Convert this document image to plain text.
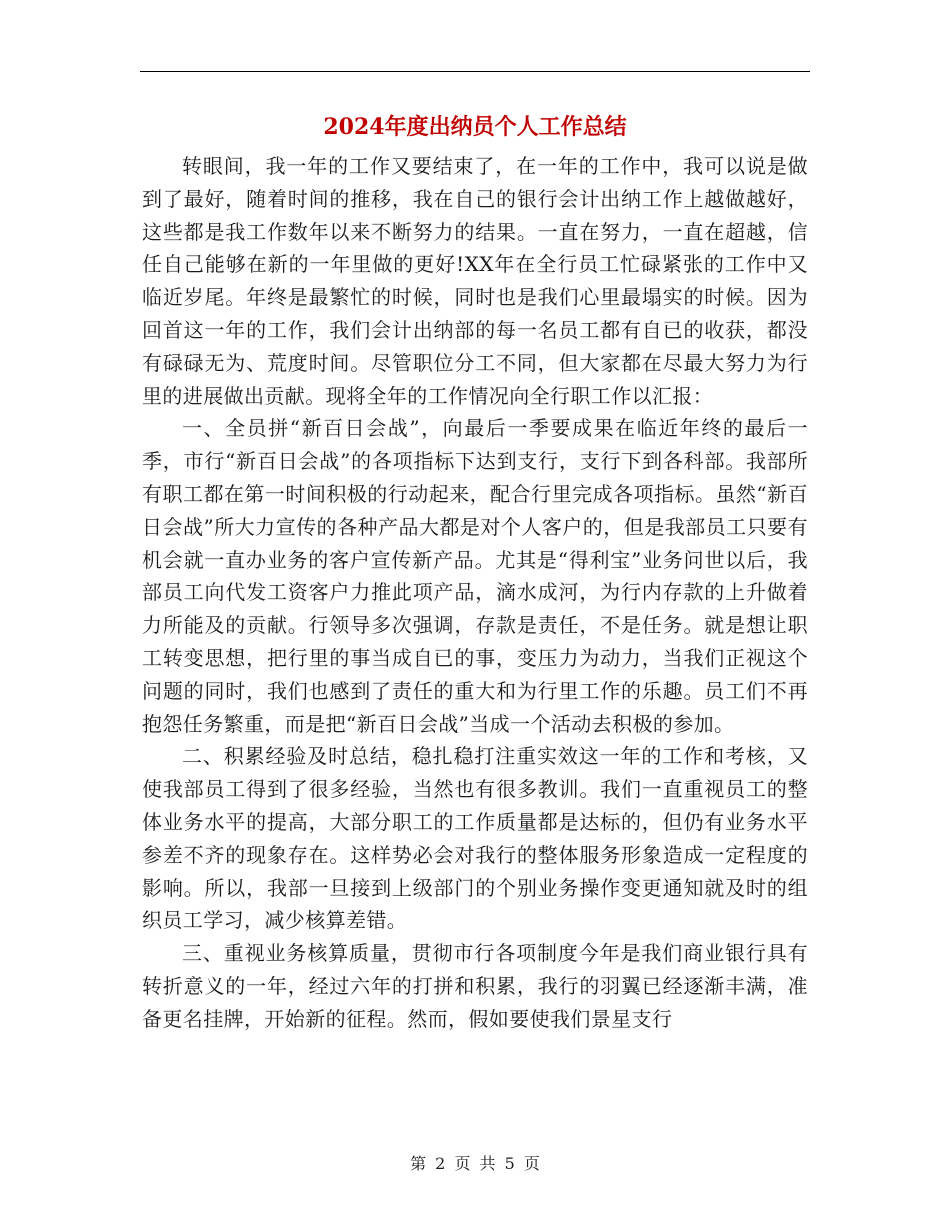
2024年度出纳员个人工作总结

转眼间，我一年的工作又要结束了，在一年的工作中，我可以说是做到了最好，随着时间的推移，我在自己的银行会计出纳工作上越做越好，这些都是我工作数年以来不断努力的结果。一直在努力，一直在超越，信任自己能够在新的一年里做的更好!XX年在全行员工忙碌紧张的工作中又临近岁尾。年终是最繁忙的时候，同时也是我们心里最塌实的时候。因为回首这一年的工作，我们会计出纳部的每一名员工都有自已的收获，都没有碌碌无为、荒度时间。尽管职位分工不同，但大家都在尽最大努力为行里的进展做出贡献。现将全年的工作情况向全行职工作以汇报：

一、全员拼“新百日会战”，向最后一季要成果在临近年终的最后一季，市行“新百日会战”的各项指标下达到支行，支行下到各科部。我部所有职工都在第一时间积极的行动起来，配合行里完成各项指标。虽然“新百日会战”所大力宣传的各种产品大都是对个人客户的，但是我部员工只要有机会就一直办业务的客户宣传新产品。尤其是“得利宝”业务问世以后，我部员工向代发工资客户力推此项产品，滴水成河，为行内存款的上升做着力所能及的贡献。行领导多次强调，存款是责任，不是任务。就是想让职工转变思想，把行里的事当成自已的事，变压力为动力，当我们正视这个问题的同时，我们也感到了责任的重大和为行里工作的乐趣。员工们不再抱怨任务繁重，而是把“新百日会战”当成一个活动去积极的参加。

二、积累经验及时总结，稳扎稳打注重实效这一年的工作和考核，又使我部员工得到了很多经验，当然也有很多教训。我们一直重视员工的整体业务水平的提高，大部分职工的工作质量都是达标的，但仍有业务水平参差不齐的现象存在。这样势必会对我行的整体服务形象造成一定程度的影响。所以，我部一旦接到上级部门的个别业务操作变更通知就及时的组织员工学习，减少核算差错。

三、重视业务核算质量，贯彻市行各项制度今年是我们商业银行具有转折意义的一年，经过六年的打拼和积累，我行的羽翼已经逐渐丰满，准备更名挂牌，开始新的征程。然而，假如要使我们景星支行

第 2 页 共 5 页
